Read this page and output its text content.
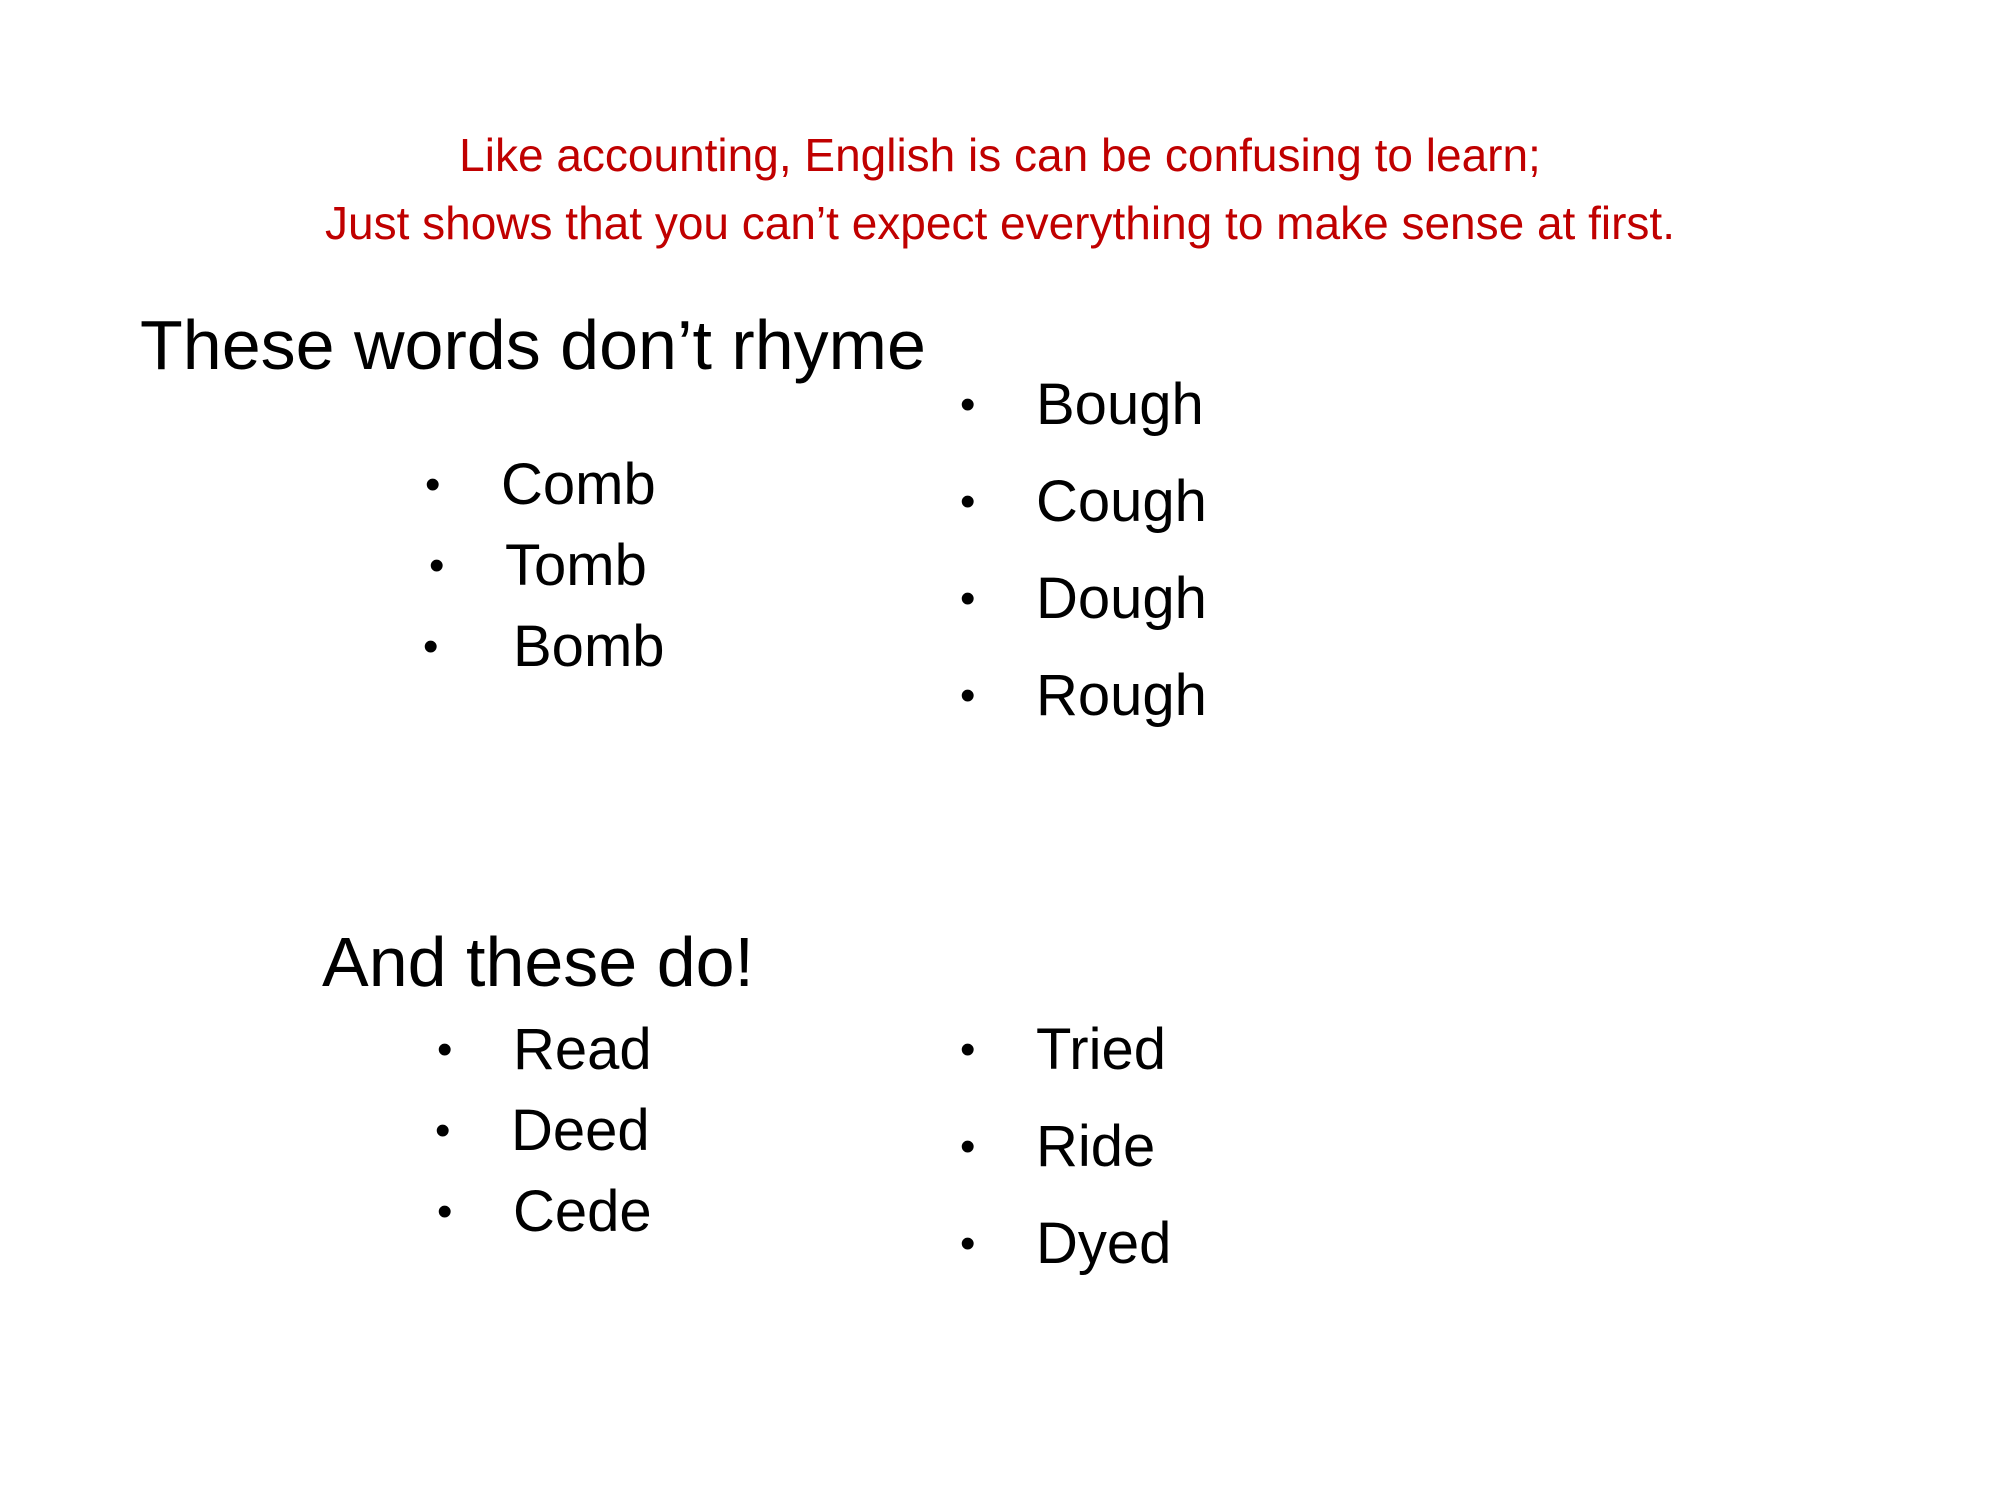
Like accounting, English is can be confusing to learn;
Just shows that you can’t expect everything to make sense at first.
These words don’t rhyme
• Comb
• Tomb
• Bomb
• Bough
• Cough
• Dough
• Rough
And these do!
• Read
• Deed
• Cede
• Tried
• Ride
• Dyed
